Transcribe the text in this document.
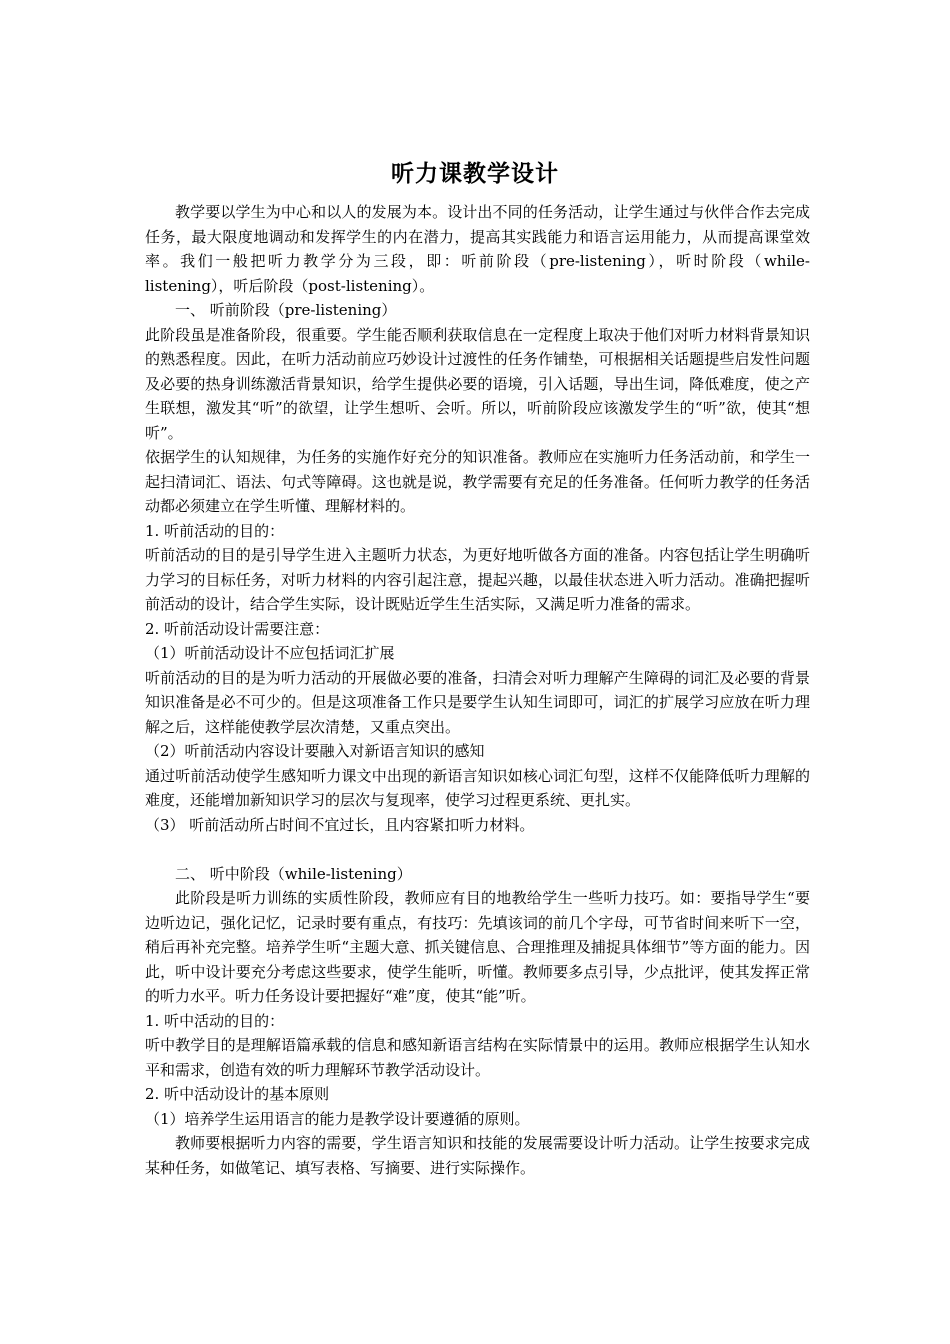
听力课教学设计

教学要以学生为中心和以人的发展为本。设计出不同的任务活动，让学生通过与伙伴合作去完成任务，最大限度地调动和发挥学生的内在潜力，提高其实践能力和语言运用能力，从而提高课堂效率。我们一般把听力教学分为三段，即：听前阶段（pre-listening），听时阶段（while-listening），听后阶段（post-listening）。

一、 听前阶段（pre-listening）

此阶段虽是准备阶段，很重要。学生能否顺利获取信息在一定程度上取决于他们对听力材料背景知识的熟悉程度。因此，在听力活动前应巧妙设计过渡性的任务作铺垫，可根据相关话题提些启发性问题及必要的热身训练激活背景知识，给学生提供必要的语境，引入话题，导出生词，降低难度，使之产生联想，激发其“听”的欲望，让学生想听、会听。所以，听前阶段应该激发学生的“听”欲，使其“想听”。

依据学生的认知规律，为任务的实施作好充分的知识准备。教师应在实施听力任务活动前，和学生一起扫清词汇、语法、句式等障碍。这也就是说，教学需要有充足的任务准备。任何听力教学的任务活动都必须建立在学生听懂、理解材料的。

1. 听前活动的目的：

听前活动的目的是引导学生进入主题听力状态，为更好地听做各方面的准备。内容包括让学生明确听力学习的目标任务，对听力材料的内容引起注意，提起兴趣，以最佳状态进入听力活动。准确把握听前活动的设计，结合学生实际，设计既贴近学生生活实际，又满足听力准备的需求。

2. 听前活动设计需要注意：

（1）听前活动设计不应包括词汇扩展

听前活动的目的是为听力活动的开展做必要的准备，扫清会对听力理解产生障碍的词汇及必要的背景知识准备是必不可少的。但是这项准备工作只是要学生认知生词即可，词汇的扩展学习应放在听力理解之后，这样能使教学层次清楚，又重点突出。

（2）听前活动内容设计要融入对新语言知识的感知

通过听前活动使学生感知听力课文中出现的新语言知识如核心词汇句型，这样不仅能降低听力理解的难度，还能增加新知识学习的层次与复现率，使学习过程更系统、更扎实。

（3） 听前活动所占时间不宜过长，且内容紧扣听力材料。

二、 听中阶段（while-listening）

此阶段是听力训练的实质性阶段，教师应有目的地教给学生一些听力技巧。如：要指导学生“要边听边记，强化记忆，记录时要有重点，有技巧：先填该词的前几个字母，可节省时间来听下一空，稍后再补充完整。培养学生听“主题大意、抓关键信息、合理推理及捕捉具体细节”等方面的能力。因此，听中设计要充分考虑这些要求，使学生能听，听懂。教师要多点引导，少点批评，使其发挥正常的听力水平。听力任务设计要把握好“难”度，使其“能”听。

1. 听中活动的目的：

听中教学目的是理解语篇承载的信息和感知新语言结构在实际情景中的运用。教师应根据学生认知水平和需求，创造有效的听力理解环节教学活动设计。

2. 听中活动设计的基本原则

（1）培养学生运用语言的能力是教学设计要遵循的原则。

教师要根据听力内容的需要，学生语言知识和技能的发展需要设计听力活动。让学生按要求完成某种任务，如做笔记、填写表格、写摘要、进行实际操作。
